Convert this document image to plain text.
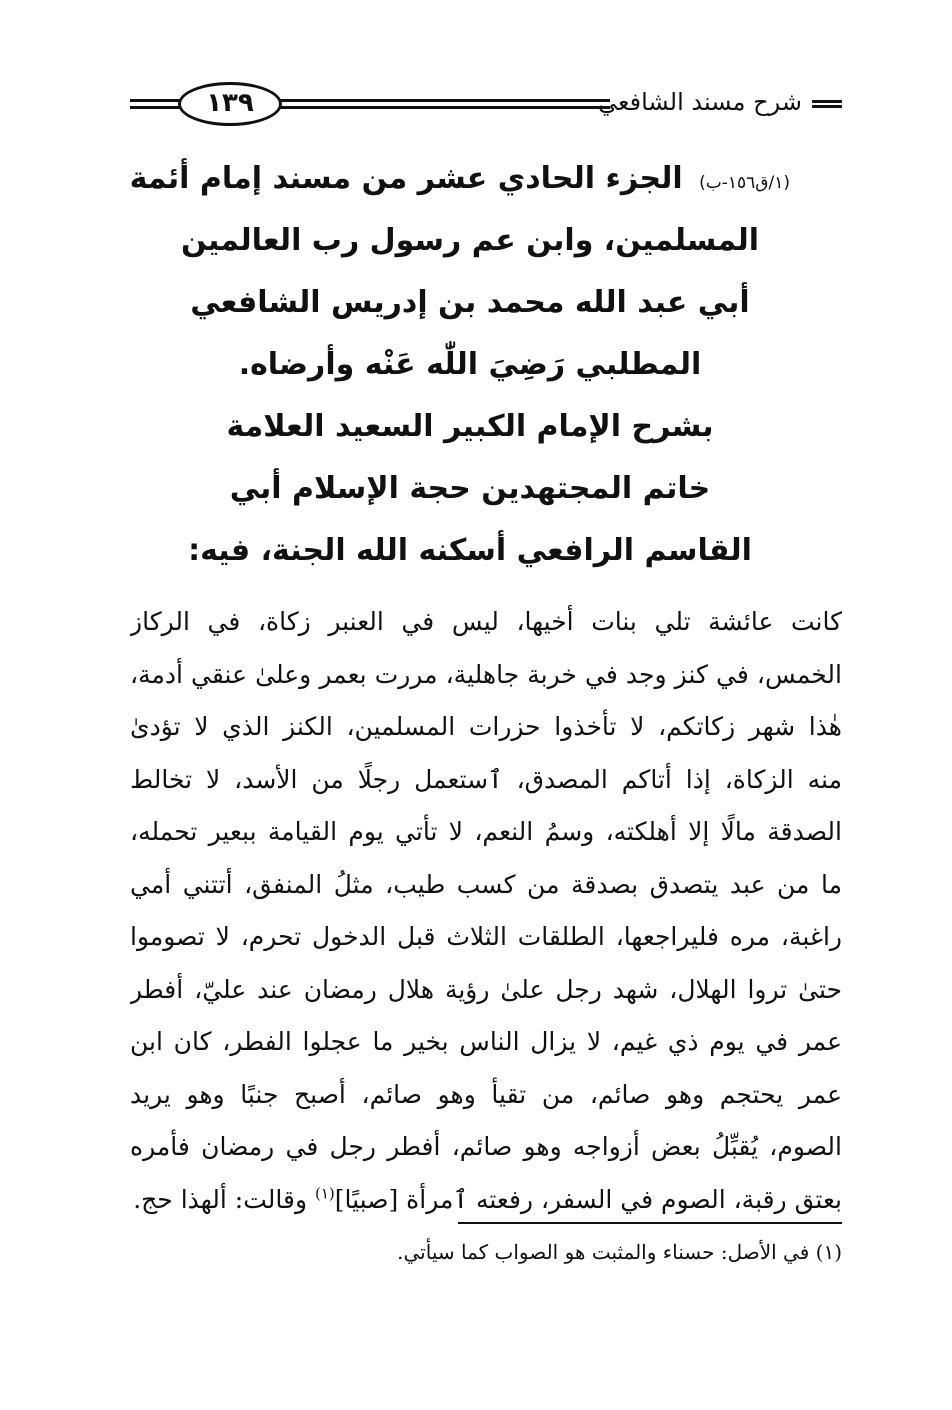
شرح مسند الشافعي
١٣٩
(١/ق١٥٦-ب) الجزء الحادي عشر من مسند إمام أئمة
المسلمين، وابن عم رسول رب العالمين
أبي عبد الله محمد بن إدريس الشافعي
المطلبي رَضِيَ اللّٰه عَنْه وأرضاه.
بشرح الإمام الكبير السعيد العلامة
خاتم المجتهدين حجة الإسلام أبي
القاسم الرافعي أسكنه الله الجنة، فيه:
كانت عائشة تلي بنات أخيها، ليس في العنبر زكاة، في الركاز
الخمس، في كنز وجد في خربة جاهلية، مررت بعمر وعلىٰ عنقي أدمة،
هٰذا شهر زكاتكم، لا تأخذوا حزرات المسلمين، الكنز الذي لا تؤدىٰ
منه الزكاة، إذا أتاكم المصدق، ٱستعمل رجلًا من الأسد، لا تخالط
الصدقة مالًا إلا أهلكته، وسمُ النعم، لا تأتي يوم القيامة ببعير تحمله،
ما من عبد يتصدق بصدقة من كسب طيب، مثلُ المنفق، أتتني أمي
راغبة، مره فليراجعها، الطلقات الثلاث قبل الدخول تحرم، لا تصوموا
حتىٰ تروا الهلال، شهد رجل علىٰ رؤية هلال رمضان عند عليّ، أفطر
عمر في يوم ذي غيم، لا يزال الناس بخير ما عجلوا الفطر، كان ابن
عمر يحتجم وهو صائم، من تقيأ وهو صائم، أصبح جنبًا وهو يريد
الصوم، يُقبِّلُ بعض أزواجه وهو صائم، أفطر رجل في رمضان فأمره
بعتق رقبة، الصوم في السفر، رفعته ٱمرأة [صبيًا]$^{(١)}$ وقالت: ألهذا حج.
(١) في الأصل: حسناء والمثبت هو الصواب كما سيأتي.
